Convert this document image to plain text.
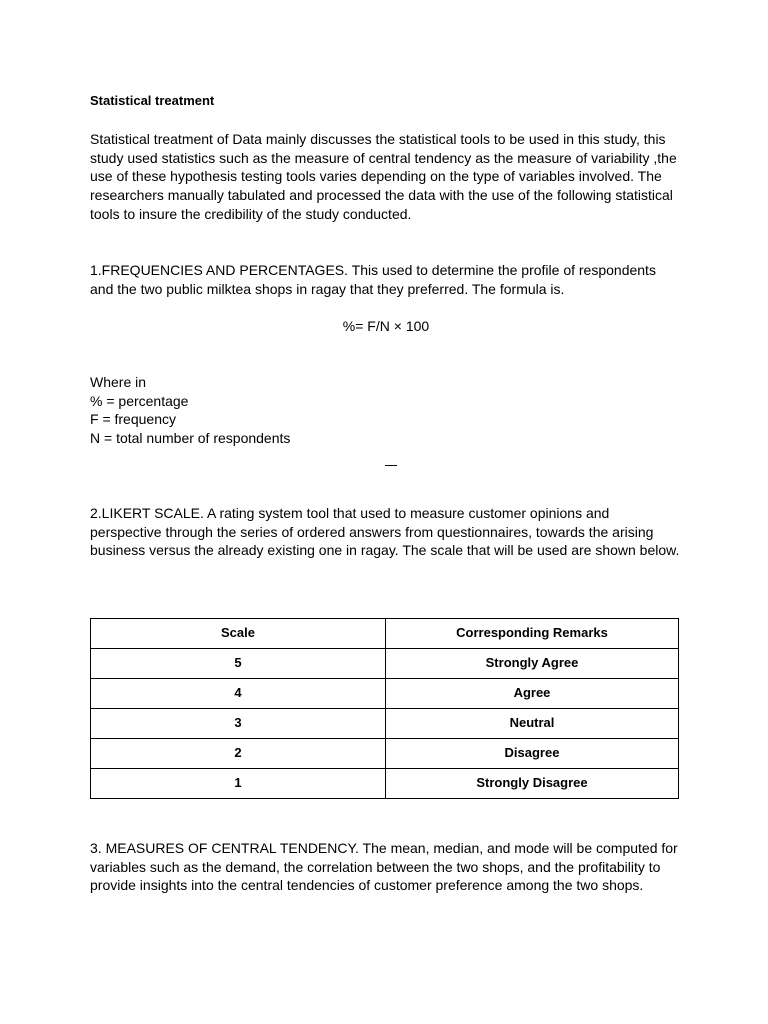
Statistical treatment

Statistical treatment of Data mainly discusses the statistical tools to be used in this study, this study used statistics such as the measure of central tendency as the measure of variability ,the use of these hypothesis testing tools varies depending on the type of variables involved. The researchers manually tabulated and processed the data with the use of the following statistical tools to insure the credibility of the study conducted.

1.FREQUENCIES AND PERCENTAGES. This used to determine the profile of respondents and the two public milktea shops in ragay that they preferred. The formula is.

%= F/N × 100
Where in
% = percentage
F = frequency
N = total number of respondents

2.LIKERT SCALE. A rating system tool that used to measure customer opinions and perspective through the series of ordered answers from questionnaires, towards the arising business versus the already existing one in ragay. The scale that will be used are shown below.

Scale	Corresponding Remarks
5	Strongly Agree
4	Agree
3	Neutral
2	Disagree
1	Strongly Disagree

3. MEASURES OF CENTRAL TENDENCY. The mean, median, and mode will be computed for variables such as the demand, the correlation between the two shops, and the profitability to provide insights into the central tendencies of customer preference among the two shops.
